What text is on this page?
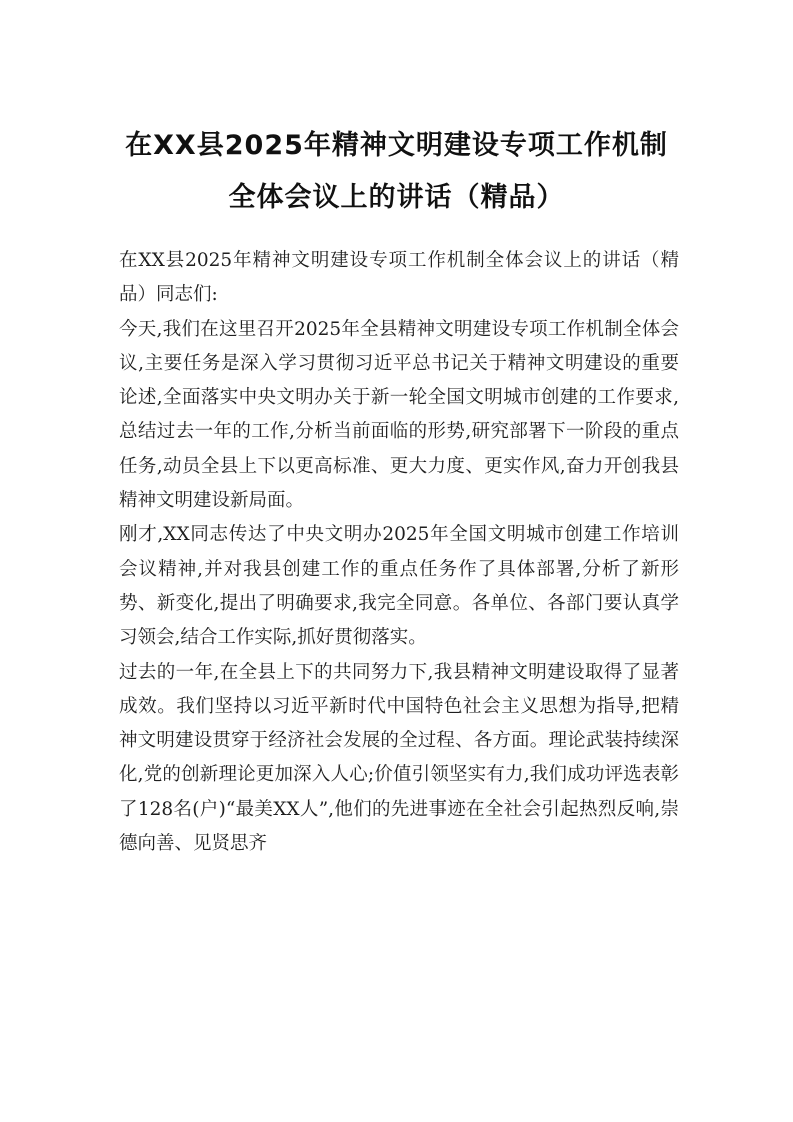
在XX县2025年精神文明建设专项工作机制
全体会议上的讲话（精品）

在XX县2025年精神文明建设专项工作机制全体会议上的讲话（精品）同志们:

今天,我们在这里召开2025年全县精神文明建设专项工作机制全体会议,主要任务是深入学习贯彻习近平总书记关于精神文明建设的重要论述,全面落实中央文明办关于新一轮全国文明城市创建的工作要求,总结过去一年的工作,分析当前面临的形势,研究部署下一阶段的重点任务,动员全县上下以更高标准、更大力度、更实作风,奋力开创我县精神文明建设新局面。

刚才,XX同志传达了中央文明办2025年全国文明城市创建工作培训会议精神,并对我县创建工作的重点任务作了具体部署,分析了新形势、新变化,提出了明确要求,我完全同意。各单位、各部门要认真学习领会,结合工作实际,抓好贯彻落实。

过去的一年,在全县上下的共同努力下,我县精神文明建设取得了显著成效。我们坚持以习近平新时代中国特色社会主义思想为指导,把精神文明建设贯穿于经济社会发展的全过程、各方面。理论武装持续深化,党的创新理论更加深入人心;价值引领坚实有力,我们成功评选表彰了128名(户)“最美XX人”,他们的先进事迹在全社会引起热烈反响,崇德向善、见贤思齐
